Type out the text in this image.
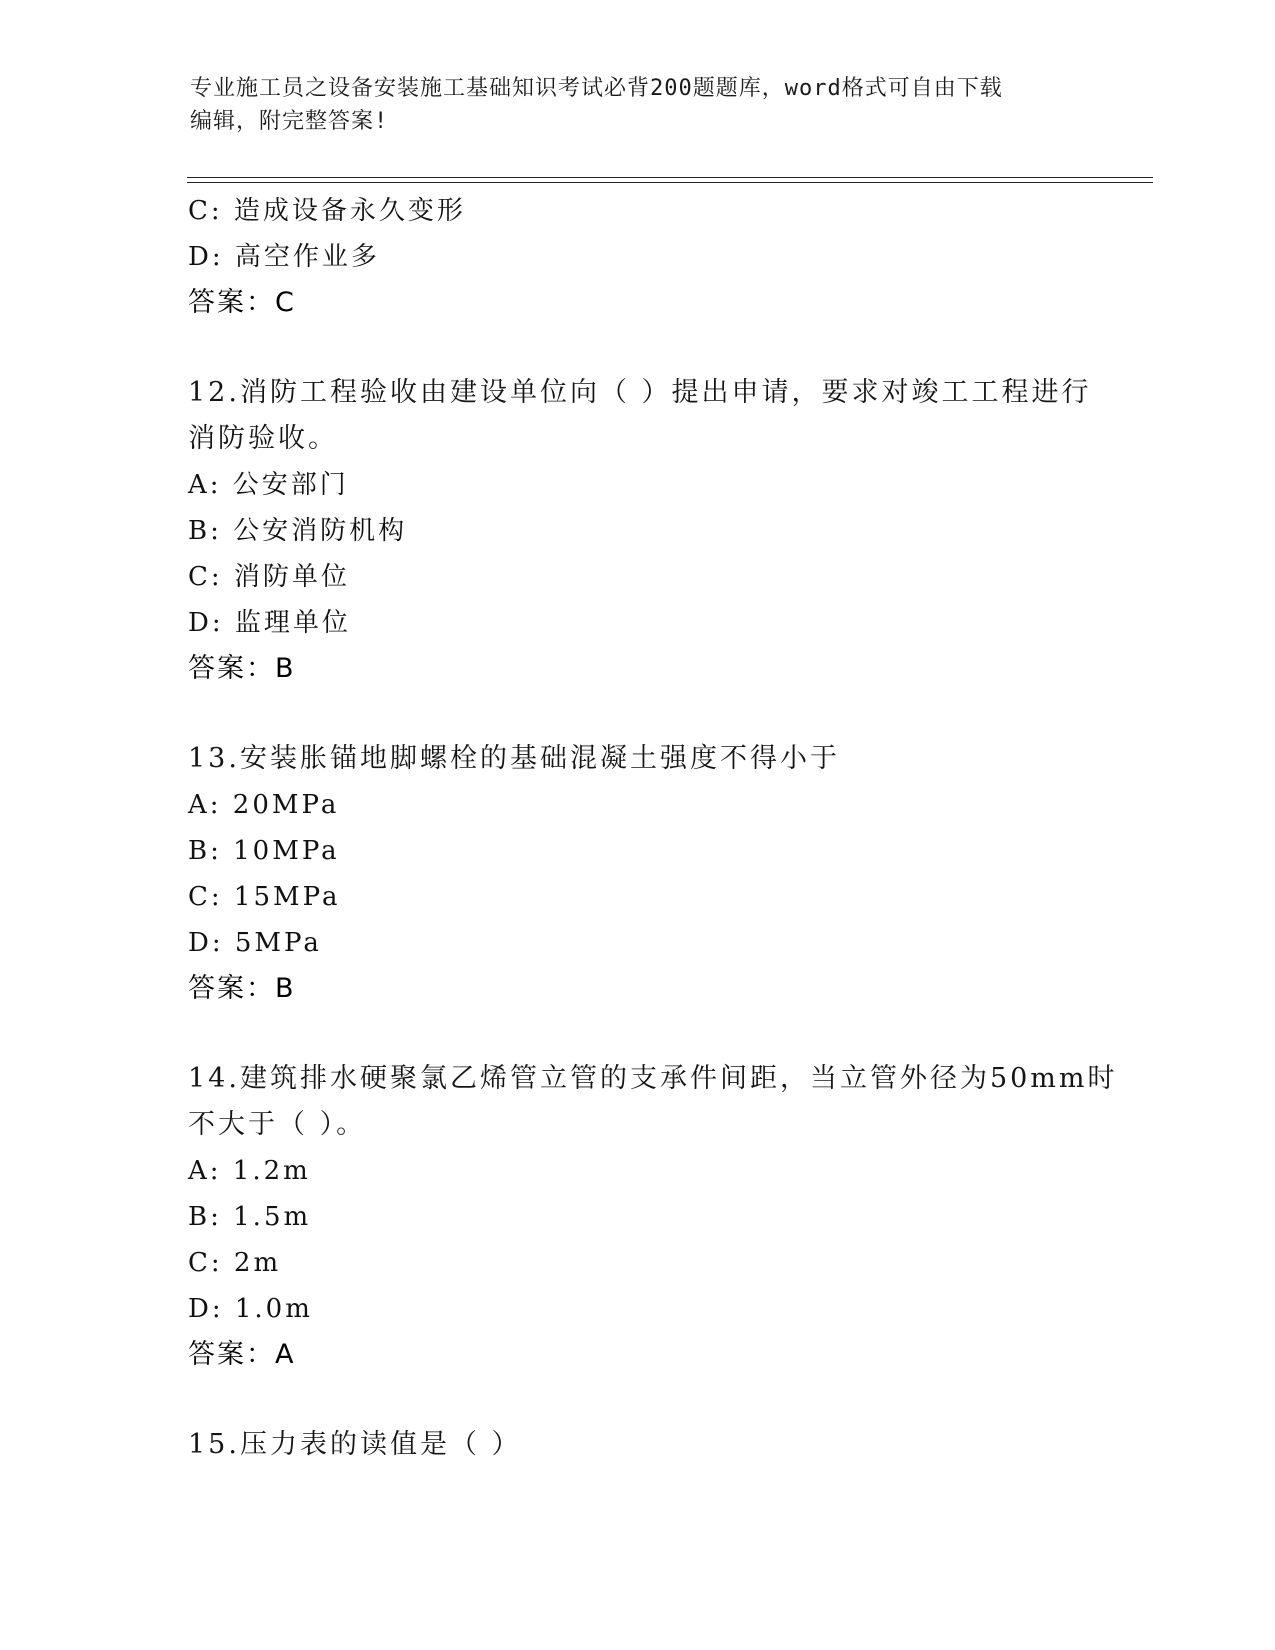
专业施工员之设备安装施工基础知识考试必背200题题库，word格式可自由下载
编辑，附完整答案!
C: 造成设备永久变形
D: 高空作业多
答案：C
12.消防工程验收由建设单位向（ ）提出申请，要求对竣工工程进行
消防验收。
A: 公安部门
B: 公安消防机构
C: 消防单位
D: 监理单位
答案：B
13.安装胀锚地脚螺栓的基础混凝土强度不得小于
A: 20MPa
B: 10MPa
C: 15MPa
D: 5MPa
答案：B
14.建筑排水硬聚氯乙烯管立管的支承件间距，当立管外径为50mm时
不大于（ ）。
A: 1.2m
B: 1.5m
C: 2m
D: 1.0m
答案：A
15.压力表的读值是（ ）
